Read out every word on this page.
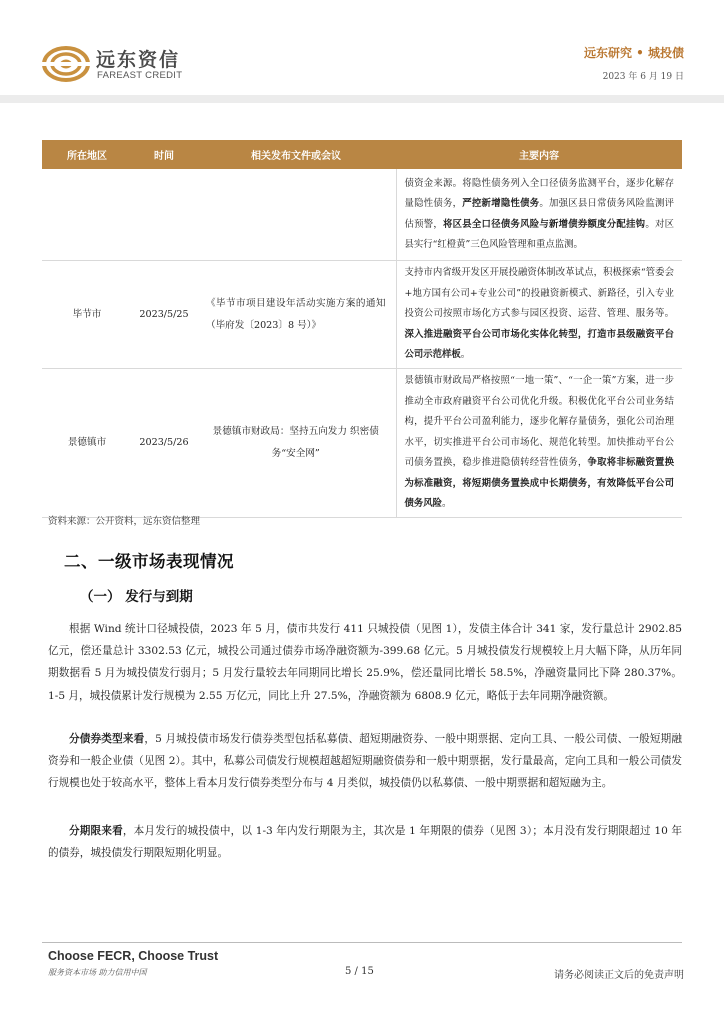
远东资信
FAREAST CREDIT
远东研究 • 城投债
2023 年 6 月 19 日
所在地区	时间	相关发布文件或会议	主要内容
			债资金来源。将隐性债务列入全口径债务监测平台，逐步化解存量隐性债务，严控新增隐性债务。加强区县日常债务风险监测评估预警，将区县全口径债务风险与新增债券额度分配挂钩。对区县实行“红橙黄”三色风险管理和重点监测。
毕节市	2023/5/25	《毕节市项目建设年活动实施方案的通知（毕府发〔2023〕8 号）》	支持市内省级开发区开展投融资体制改革试点，积极探索“管委会+地方国有公司+专业公司”的投融资新模式、新路径，引入专业投资公司按照市场化方式参与园区投资、运营、管理、服务等。深入推进融资平台公司市场化实体化转型，打造市县级融资平台公司示范样板。
景德镇市	2023/5/26	景德镇市财政局：坚持五向发力 织密债务“安全网”	景德镇市财政局严格按照“一地一策”、“一企一策”方案，进一步推动全市政府融资平台公司优化升级。积极优化平台公司业务结构，提升平台公司盈利能力，逐步化解存量债务，强化公司治理水平，切实推进平台公司市场化、规范化转型。加快推动平台公司债务置换，稳步推进隐债转经营性债务，争取将非标融资置换为标准融资，将短期债务置换成中长期债务，有效降低平台公司债务风险。
资料来源：公开资料，远东资信整理
二、一级市场表现情况
（一） 发行与到期
根据 Wind 统计口径城投债，2023 年 5 月，债市共发行 411 只城投债（见图 1），发债主体合计 341 家，发行量总计 2902.85 亿元，偿还量总计 3302.53 亿元，城投公司通过债券市场净融资额为-399.68 亿元。5 月城投债发行规模较上月大幅下降，从历年同期数据看 5 月为城投债发行弱月；5 月发行量较去年同期同比增长 25.9%，偿还量同比增长 58.5%，净融资量同比下降 280.37%。1-5 月，城投债累计发行规模为 2.55 万亿元，同比上升 27.5%，净融资额为 6808.9 亿元，略低于去年同期净融资额。
分债券类型来看，5 月城投债市场发行债券类型包括私募债、超短期融资券、一般中期票据、定向工具、一般公司债、一般短期融资券和一般企业债（见图 2）。其中，私募公司债发行规模超越超短期融资债券和一般中期票据，发行量最高，定向工具和一般公司债发行规模也处于较高水平，整体上看本月发行债券类型分布与 4 月类似，城投债仍以私募债、一般中期票据和超短融为主。
分期限来看，本月发行的城投债中，以 1-3 年内发行期限为主，其次是 1 年期限的债券（见图 3）；本月没有发行期限超过 10 年的债券，城投债发行期限短期化明显。
Choose FECR, Choose Trust
服务资本市场 助力信用中国	5 / 15	请务必阅读正文后的免责声明
